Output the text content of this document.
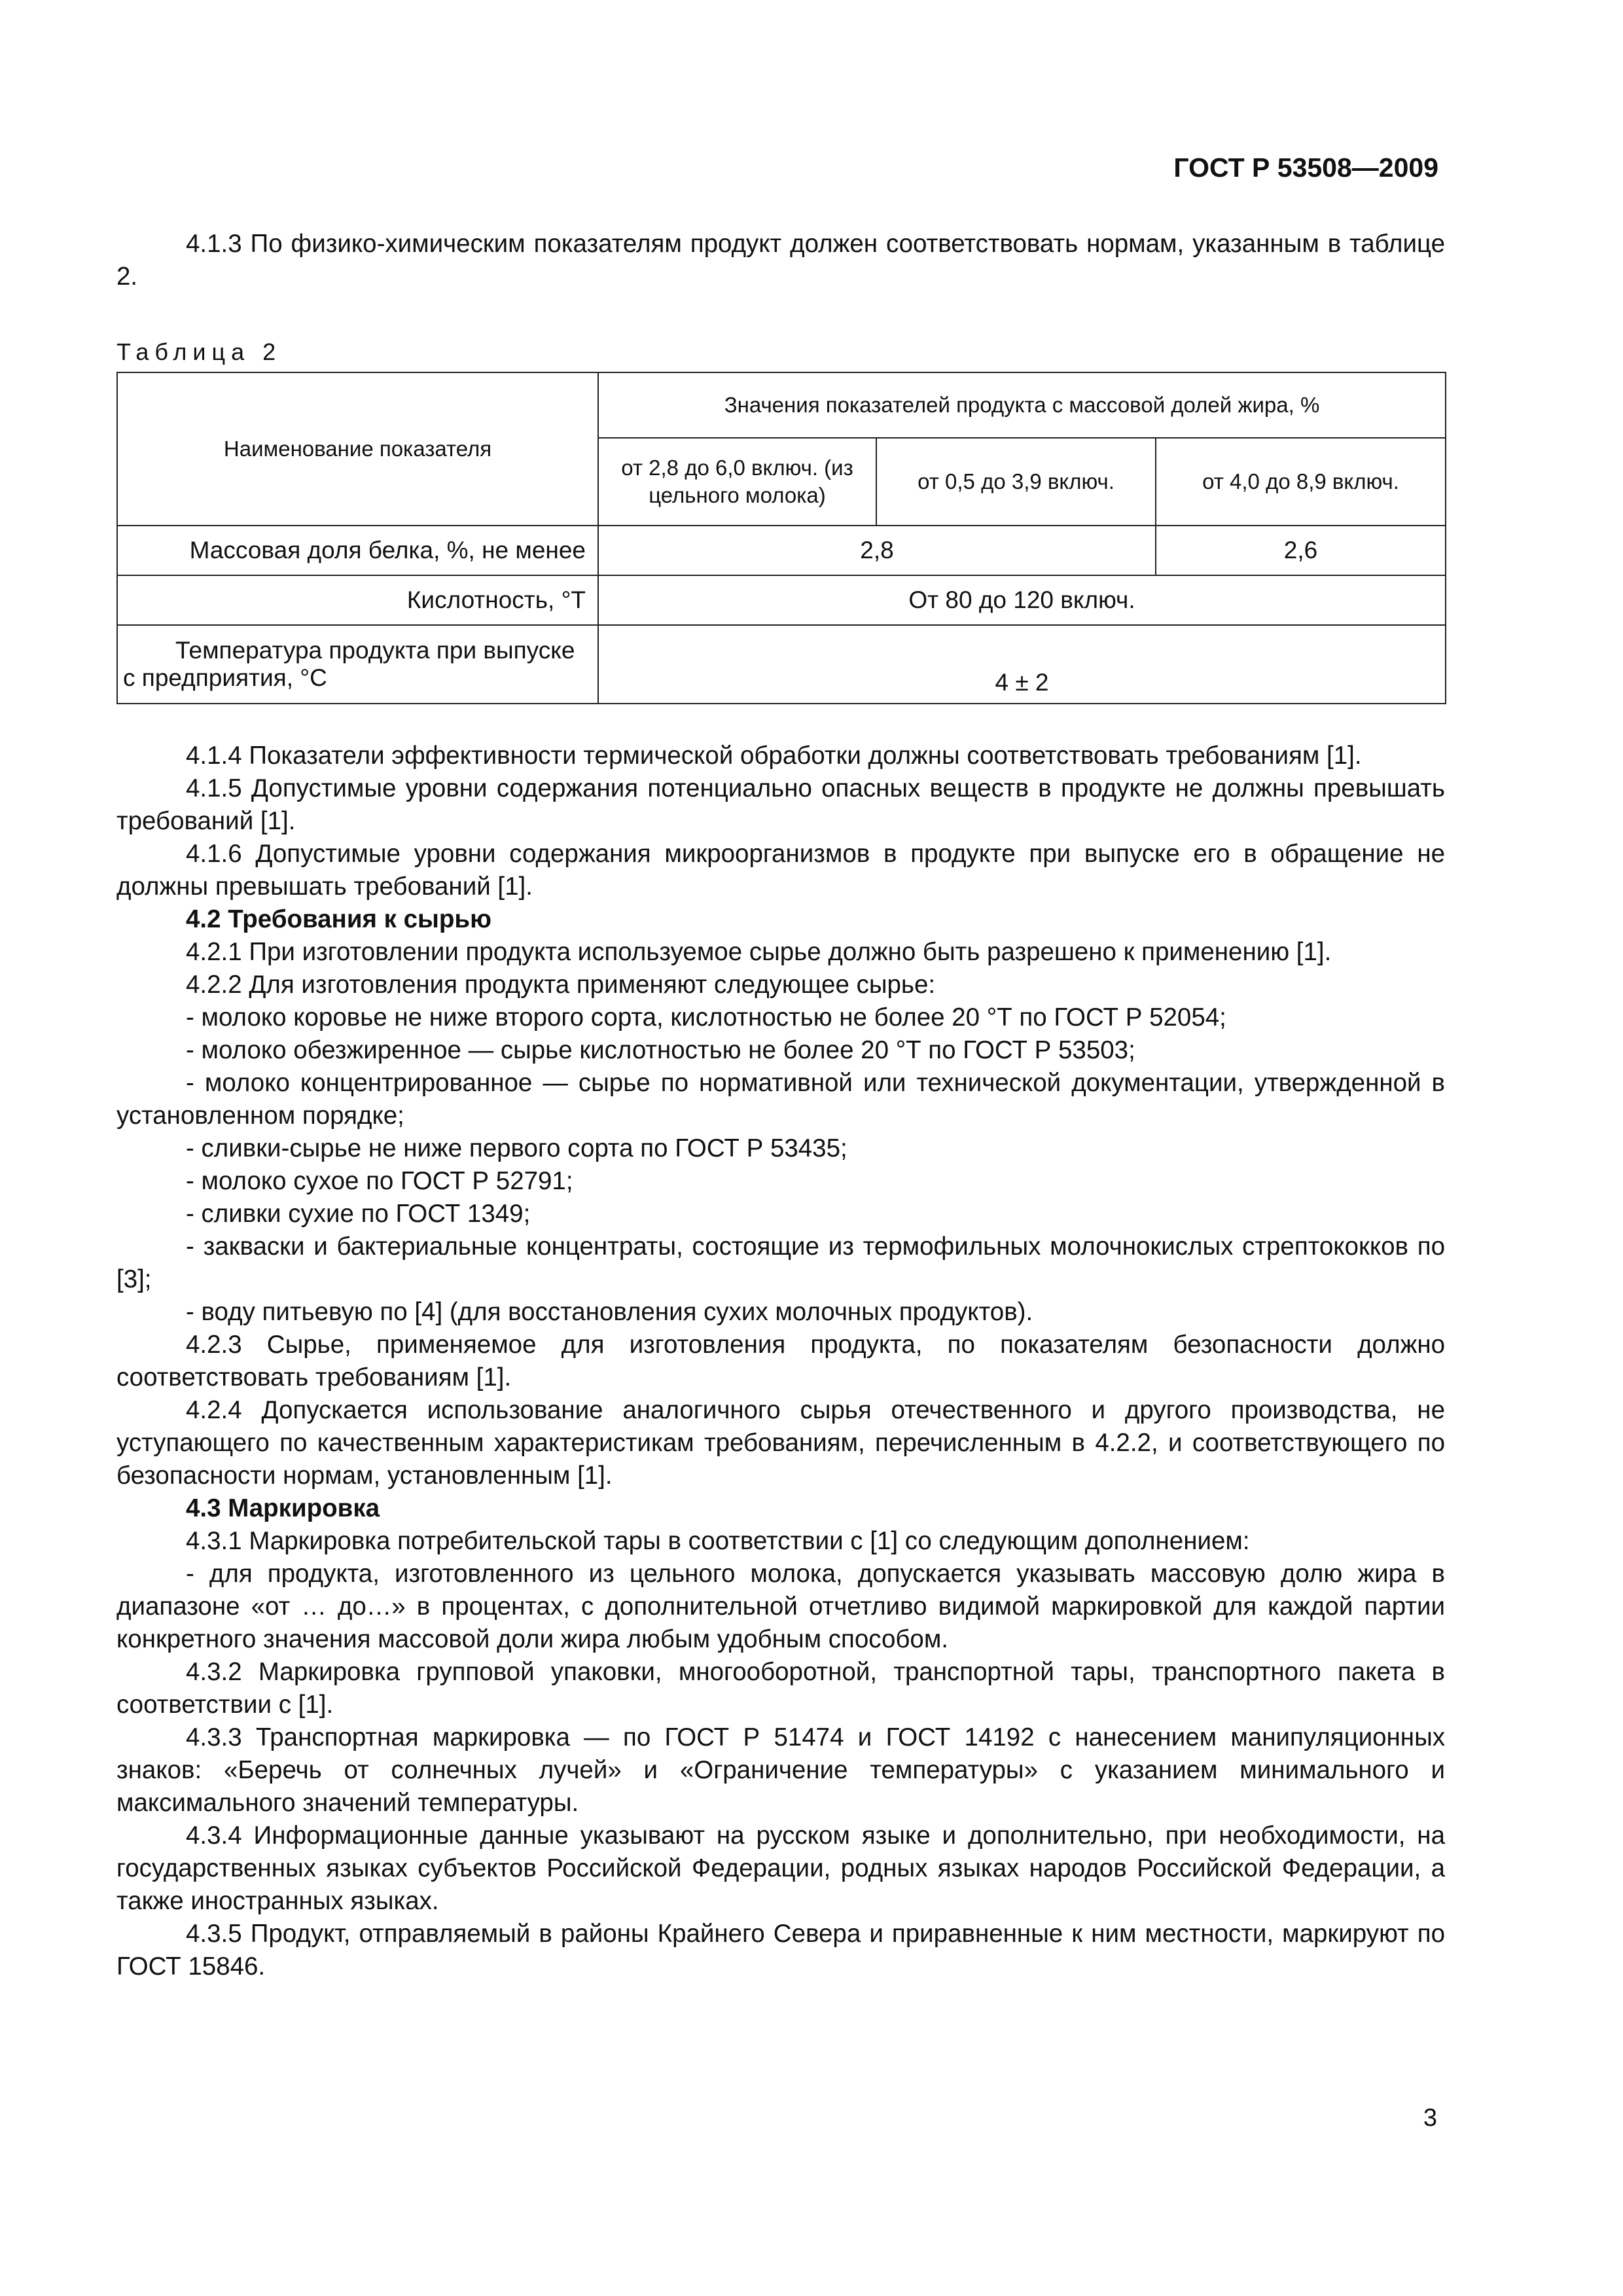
ГОСТ Р 53508—2009

4.1.3 По физико-химическим показателям продукт должен соответствовать нормам, указанным в таблице 2.

Таблица 2
Наименование показателя	Значения показателей продукта с массовой долей жира, %		
	от 2,8 до 6,0 включ. (из цельного молока)	от 0,5 до 3,9 включ.	от 4,0 до 8,9 включ.
Массовая доля белка, %, не менее	2,8		2,6
Кислотность, °Т	От 80 до 120 включ.		
Температура продукта при выпуске с предприятия, °С	4 ± 2		

4.1.4 Показатели эффективности термической обработки должны соответствовать требованиям [1].

4.1.5 Допустимые уровни содержания потенциально опасных веществ в продукте не должны превышать требований [1].

4.1.6 Допустимые уровни содержания микроорганизмов в продукте при выпуске его в обращение не должны превышать требований [1].

4.2 Требования к сырью

4.2.1 При изготовлении продукта используемое сырье должно быть разрешено к применению [1].

4.2.2 Для изготовления продукта применяют следующее сырье:

- молоко коровье не ниже второго сорта, кислотностью не более 20 °Т по ГОСТ Р 52054;

- молоко обезжиренное — сырье кислотностью не более 20 °Т по ГОСТ Р 53503;

- молоко концентрированное — сырье по нормативной или технической документации, утвержденной в установленном порядке;

- сливки-сырье не ниже первого сорта по ГОСТ Р 53435;

- молоко сухое по ГОСТ Р 52791;

- сливки сухие по ГОСТ 1349;

- закваски и бактериальные концентраты, состоящие из термофильных молочнокислых стрептококков по [3];

- воду питьевую по [4] (для восстановления сухих молочных продуктов).

4.2.3 Сырье, применяемое для изготовления продукта, по показателям безопасности должно соответствовать требованиям [1].

4.2.4 Допускается использование аналогичного сырья отечественного и другого производства, не уступающего по качественным характеристикам требованиям, перечисленным в 4.2.2, и соответствующего по безопасности нормам, установленным [1].

4.3 Маркировка

4.3.1 Маркировка потребительской тары в соответствии с [1] со следующим дополнением:

- для продукта, изготовленного из цельного молока, допускается указывать массовую долю жира в диапазоне «от … до…» в процентах, с дополнительной отчетливо видимой маркировкой для каждой партии конкретного значения массовой доли жира любым удобным способом.

4.3.2 Маркировка групповой упаковки, многооборотной, транспортной тары, транспортного пакета в соответствии с [1].

4.3.3 Транспортная маркировка — по ГОСТ Р 51474 и ГОСТ 14192 с нанесением манипуляционных знаков: «Беречь от солнечных лучей» и «Ограничение температуры» с указанием минимального и максимального значений температуры.

4.3.4 Информационные данные указывают на русском языке и дополнительно, при необходимости, на государственных языках субъектов Российской Федерации, родных языках народов Российской Федерации, а также иностранных языках.

4.3.5 Продукт, отправляемый в районы Крайнего Севера и приравненные к ним местности, маркируют по ГОСТ 15846.

3
